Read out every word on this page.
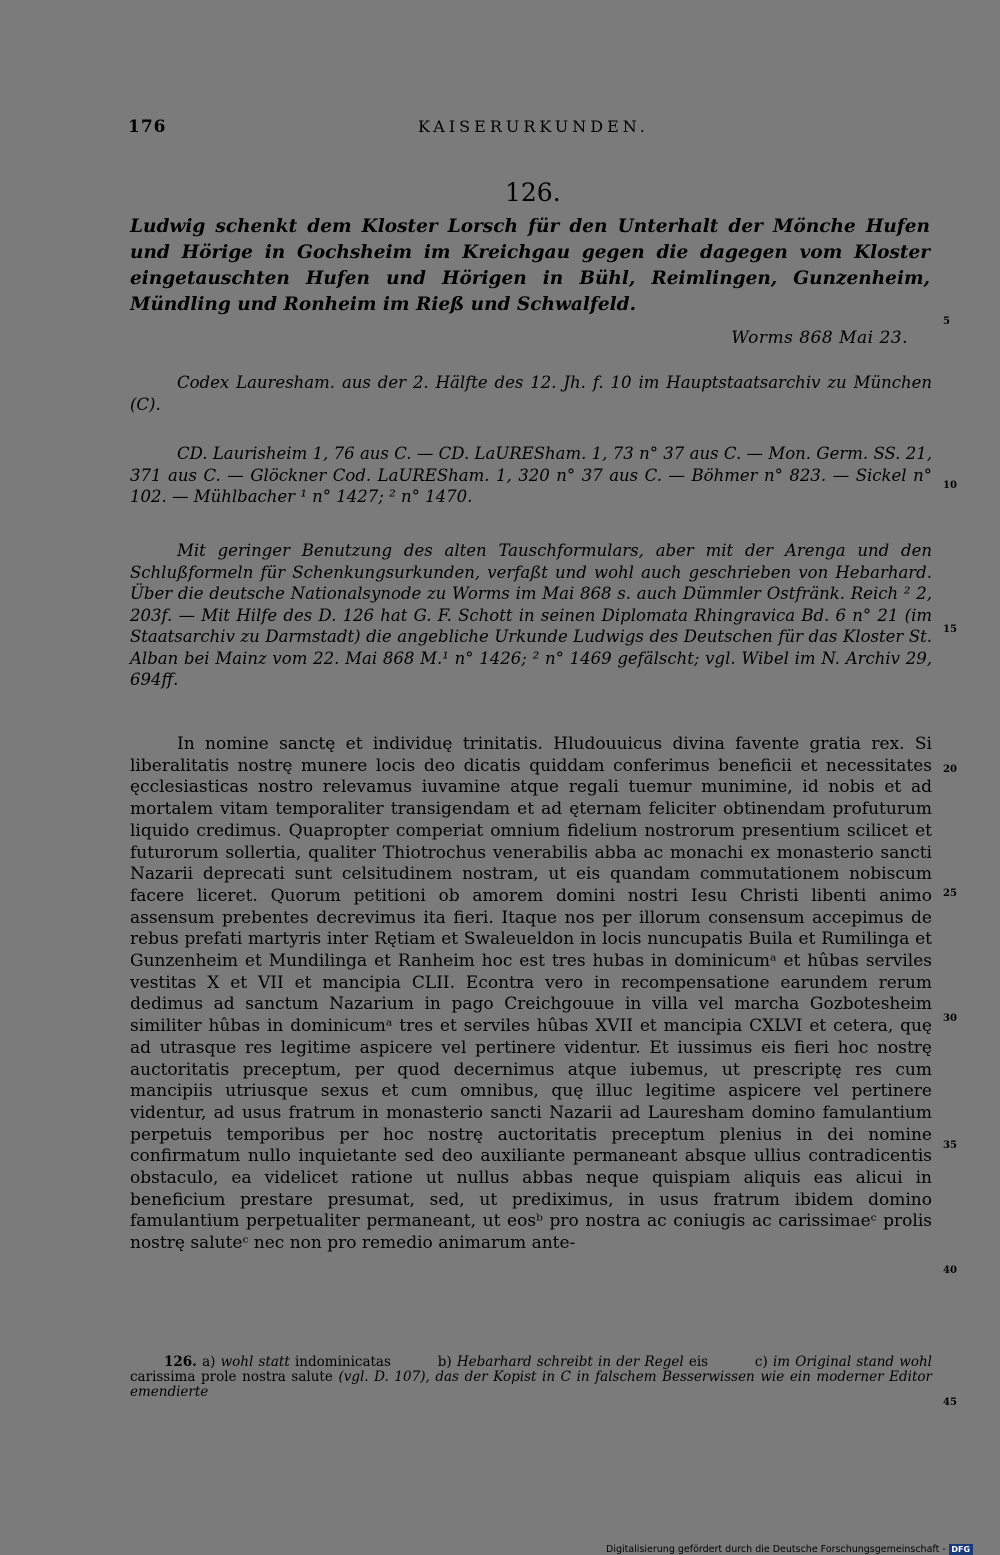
176	KAISERURKUNDEN.
126.
Ludwig schenkt dem Kloster Lorsch für den Unterhalt der Mönche Hufen und Hörige in Gochsheim im Kreichgau gegen die dagegen vom Kloster eingetauschten Hufen und Hörigen in Bühl, Reimlingen, Gunzenheim, Mündling und Ronheim im Rieß und Schwalfeld.
Worms 868 Mai 23.
Codex Lauresham. aus der 2. Hälfte des 12. Jh. f. 10 im Hauptstaatsarchiv zu München (C).
CD. Laurisheim 1, 76 aus C. — CD. LaURESham. 1, 73 n° 37 aus C. — Mon. Germ. SS. 21, 371 aus C. — Glöckner Cod. LaURESham. 1, 320 n° 37 aus C. — Böhmer n° 823. — Sickel n° 102. — Mühlbacher ¹ n° 1427; ² n° 1470.
Mit geringer Benutzung des alten Tauschformulars, aber mit der Arenga und den Schlußformeln für Schenkungsurkunden, verfaßt und wohl auch geschrieben von Hebarhard. Über die deutsche Nationalsynode zu Worms im Mai 868 s. auch Dümmler Ostfränk. Reich ² 2, 203f. — Mit Hilfe des D. 126 hat G. F. Schott in seinen Diplomata Rhingravica Bd. 6 n° 21 (im Staatsarchiv zu Darmstadt) die angebliche Urkunde Ludwigs des Deutschen für das Kloster St. Alban bei Mainz vom 22. Mai 868 M.¹ n° 1426; ² n° 1469 gefälscht; vgl. Wibel im N. Archiv 29, 694ff.
In nomine sanctę et individuę trinitatis. Hludouuicus divina favente gratia rex. Si liberalitatis nostrę munere locis deo dicatis quiddam conferimus beneficii et necessitates ęcclesiasticas nostro relevamus iuvamine atque regali tuemur munimine, id nobis et ad mortalem vitam temporaliter transigendam et ad ęternam feliciter obtinendam profuturum liquido credimus. Quapropter comperiat omnium fidelium nostrorum presentium scilicet et futurorum sollertia, qualiter Thiotrochus venerabilis abba ac monachi ex monasterio sancti Nazarii deprecati sunt celsitudinem nostram, ut eis quandam commutationem nobiscum facere liceret. Quorum petitioni ob amorem domini nostri Iesu Christi libenti animo assensum prebentes decrevimus ita fieri. Itaque nos per illorum consensum accepimus de rebus prefati martyris inter Rętiam et Swaleueldon in locis nuncupatis Buila et Rumilinga et Gunzenheim et Mundilinga et Ranheim hoc est tres hubas in dominicumᵃ et hûbas serviles vestitas X et VII et mancipia CLII. Econtra vero in recompensatione earundem rerum dedimus ad sanctum Nazarium in pago Creichgouue in villa vel marcha Gozbotesheim similiter hûbas in dominicumᵃ tres et serviles hûbas XVII et mancipia CXLVI et cetera, quę ad utrasque res legitime aspicere vel pertinere videntur. Et iussimus eis fieri hoc nostrę auctoritatis preceptum, per quod decernimus atque iubemus, ut prescriptę res cum mancipiis utriusque sexus et cum omnibus, quę illuc legitime aspicere vel pertinere videntur, ad usus fratrum in monasterio sancti Nazarii ad Lauresham domino famulantium perpetuis temporibus per hoc nostrę auctoritatis preceptum plenius in dei nomine confirmatum nullo inquietante sed deo auxiliante permaneant absque ullius contradicentis obstaculo, ea videlicet ratione ut nullus abbas neque quispiam aliquis eas alicui in beneficium prestare presumat, sed, ut prediximus, in usus fratrum ibidem domino famulantium perpetualiter permaneant, ut eosᵇ pro nostra ac coniugis ac carissimaeᶜ prolis nostrę saluteᶜ nec non pro remedio animarum ante-
126. a) wohl statt indominicatas	b) Hebarhard schreibt in der Regel eis	c) im Original stand wohl carissima prole nostra salute (vgl. D. 107), das der Kopist in C in falschem Besserwissen wie ein moderner Editor emendierte
5
10
15
20
25
30
35
40
45
Digitalisierung gefördert durch die Deutsche Forschungsgemeinschaft - DFG
